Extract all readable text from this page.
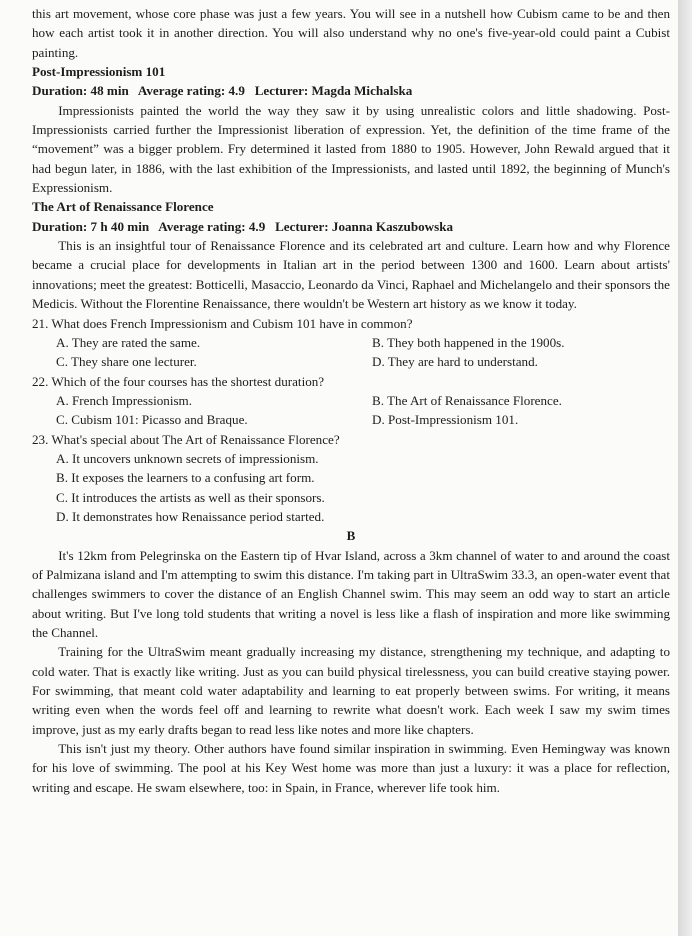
this art movement, whose core phase was just a few years. You will see in a nutshell how Cubism came to be and then how each artist took it in another direction. You will also understand why no one's five-year-old could paint a Cubist painting.

Post-Impressionism 101

Duration: 48 min   Average rating: 4.9   Lecturer: Magda Michalska

Impressionists painted the world the way they saw it by using unrealistic colors and little shadowing. Post-Impressionists carried further the Impressionist liberation of expression. Yet, the definition of the time frame of the “movement” was a bigger problem. Fry determined it lasted from 1880 to 1905. However, John Rewald argued that it had begun later, in 1886, with the last exhibition of the Impressionists, and lasted until 1892, the beginning of Munch's Expressionism.

The Art of Renaissance Florence

Duration: 7 h 40 min   Average rating: 4.9   Lecturer: Joanna Kaszubowska

This is an insightful tour of Renaissance Florence and its celebrated art and culture. Learn how and why Florence became a crucial place for developments in Italian art in the period between 1300 and 1600. Learn about artists' innovations; meet the greatest: Botticelli, Masaccio, Leonardo da Vinci, Raphael and Michelangelo and their sponsors the Medicis. Without the Florentine Renaissance, there wouldn't be Western art history as we know it today.

21. What does French Impressionism and Cubism 101 have in common?

A. They are rated the same.	B. They both happened in the 1900s.
C. They share one lecturer.	D. They are hard to understand.

22. Which of the four courses has the shortest duration?

A. French Impressionism.	B. The Art of Renaissance Florence.
C. Cubism 101: Picasso and Braque.	D. Post-Impressionism 101.

23. What's special about The Art of Renaissance Florence?

A. It uncovers unknown secrets of impressionism.
B. It exposes the learners to a confusing art form.
C. It introduces the artists as well as their sponsors.
D. It demonstrates how Renaissance period started.

B

It's 12km from Pelegrinska on the Eastern tip of Hvar Island, across a 3km channel of water to and around the coast of Palmizana island and I'm attempting to swim this distance. I'm taking part in UltraSwim 33.3, an open-water event that challenges swimmers to cover the distance of an English Channel swim. This may seem an odd way to start an article about writing. But I've long told students that writing a novel is less like a flash of inspiration and more like swimming the Channel.

Training for the UltraSwim meant gradually increasing my distance, strengthening my technique, and adapting to cold water. That is exactly like writing. Just as you can build physical tirelessness, you can build creative staying power. For swimming, that meant cold water adaptability and learning to eat properly between swims. For writing, it means writing even when the words feel off and learning to rewrite what doesn't work. Each week I saw my swim times improve, just as my early drafts began to read less like notes and more like chapters.

This isn't just my theory. Other authors have found similar inspiration in swimming. Even Hemingway was known for his love of swimming. The pool at his Key West home was more than just a luxury: it was a place for reflection, writing and escape. He swam elsewhere, too: in Spain, in France, wherever life took him.
